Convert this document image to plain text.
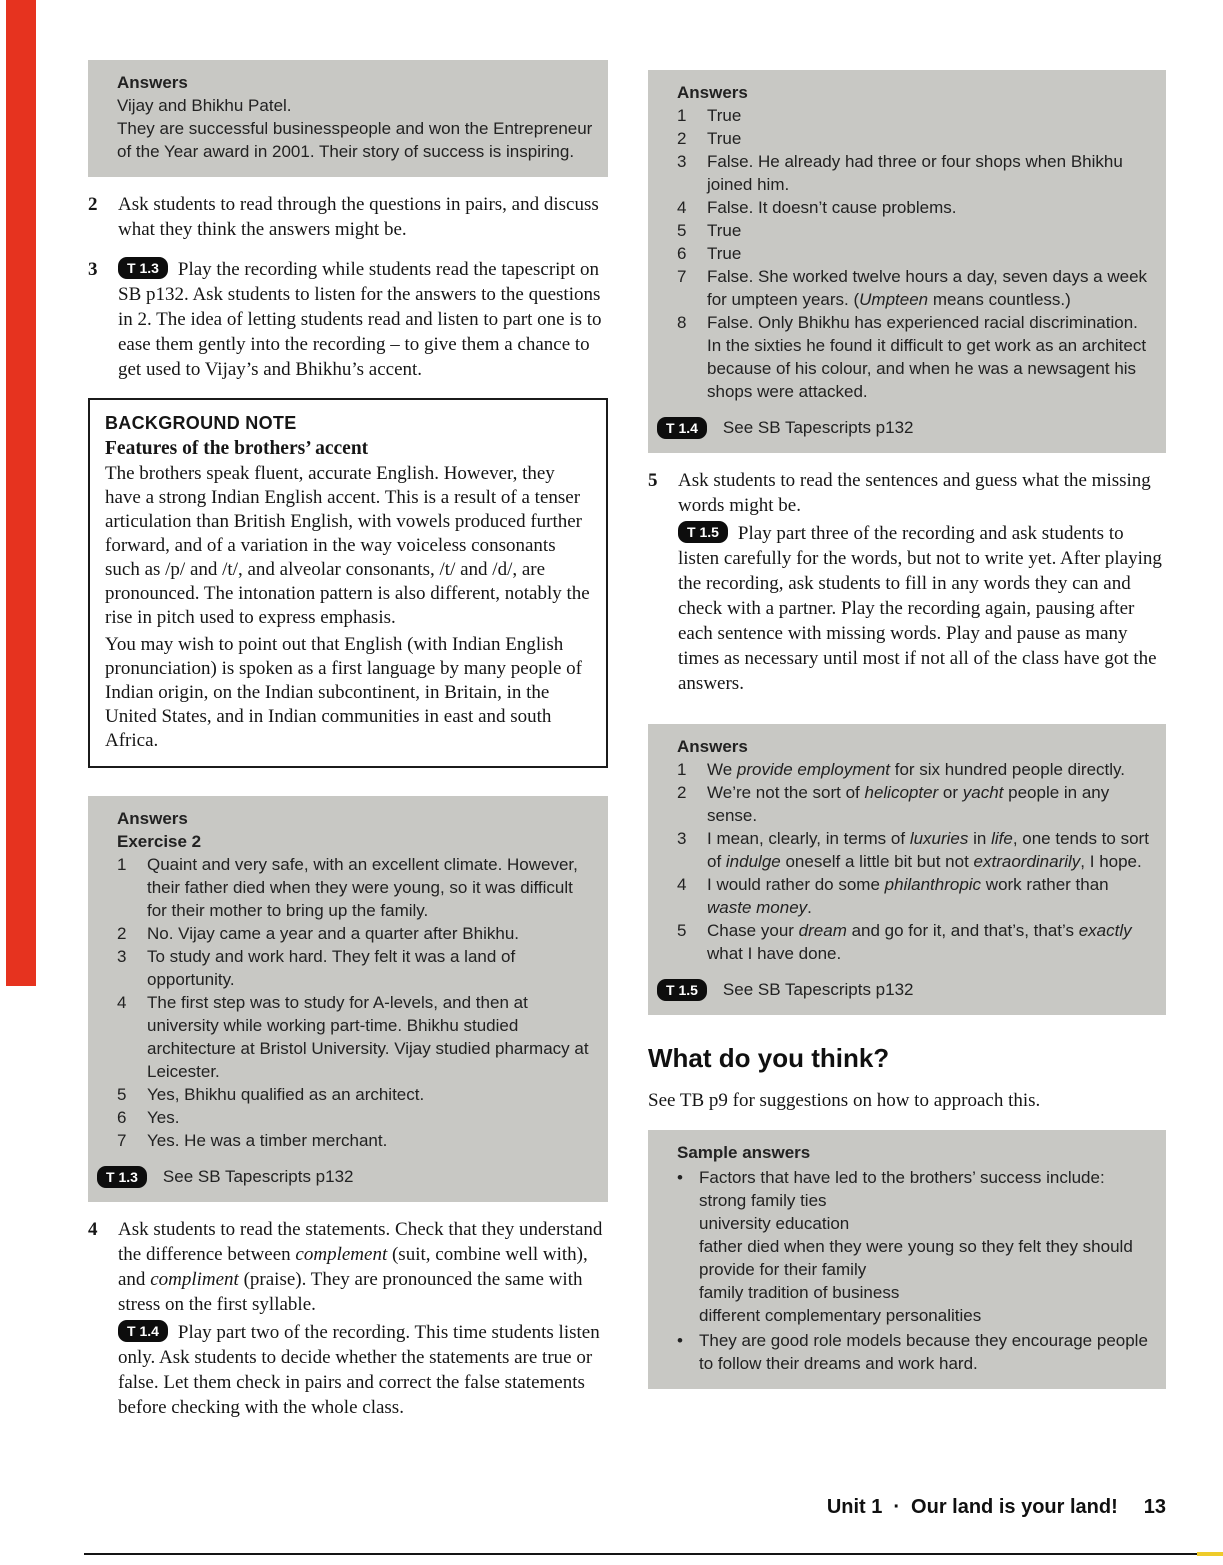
Answers
Vijay and Bhikhu Patel.
They are successful businesspeople and won the Entrepreneur of the Year award in 2001. Their story of success is inspiring.
2	Ask students to read through the questions in pairs, and discuss what they think the answers might be.
3	T 1.3 Play the recording while students read the tapescript on SB p132. Ask students to listen for the answers to the questions in 2. The idea of letting students read and listen to part one is to ease them gently into the recording – to give them a chance to get used to Vijay’s and Bhikhu’s accent.
BACKGROUND NOTE
Features of the brothers’ accent
The brothers speak fluent, accurate English. However, they have a strong Indian English accent. This is a result of a tenser articulation than British English, with vowels produced further forward, and of a variation in the way voiceless consonants such as /p/ and /t/, and alveolar consonants, /t/ and /d/, are pronounced. The intonation pattern is also different, notably the rise in pitch used to express emphasis.
You may wish to point out that English (with Indian English pronunciation) is spoken as a first language by many people of Indian origin, on the Indian subcontinent, in Britain, in the United States, and in Indian communities in east and south Africa.
Answers
Exercise 2
1	Quaint and very safe, with an excellent climate. However, their father died when they were young, so it was difficult for their mother to bring up the family.
2	No. Vijay came a year and a quarter after Bhikhu.
3	To study and work hard. They felt it was a land of opportunity.
4	The first step was to study for A-levels, and then at university while working part-time. Bhikhu studied architecture at Bristol University. Vijay studied pharmacy at Leicester.
5	Yes, Bhikhu qualified as an architect.
6	Yes.
7	Yes. He was a timber merchant.
T 1.3	See SB Tapescripts p132
4	Ask students to read the statements. Check that they understand the difference between complement (suit, combine well with), and compliment (praise). They are pronounced the same with stress on the first syllable.
T 1.4 Play part two of the recording. This time students listen only. Ask students to decide whether the statements are true or false. Let them check in pairs and correct the false statements before checking with the whole class.
Answers
1	True
2	True
3	False. He already had three or four shops when Bhikhu joined him.
4	False. It doesn’t cause problems.
5	True
6	True
7	False. She worked twelve hours a day, seven days a week for umpteen years. (Umpteen means countless.)
8	False. Only Bhikhu has experienced racial discrimination. In the sixties he found it difficult to get work as an architect because of his colour, and when he was a newsagent his shops were attacked.
T 1.4	See SB Tapescripts p132
5	Ask students to read the sentences and guess what the missing words might be.
T 1.5 Play part three of the recording and ask students to listen carefully for the words, but not to write yet. After playing the recording, ask students to fill in any words they can and check with a partner. Play the recording again, pausing after each sentence with missing words. Play and pause as many times as necessary until most if not all of the class have got the answers.
Answers
1	We provide employment for six hundred people directly.
2	We’re not the sort of helicopter or yacht people in any sense.
3	I mean, clearly, in terms of luxuries in life, one tends to sort of indulge oneself a little bit but not extraordinarily, I hope.
4	I would rather do some philanthropic work rather than waste money.
5	Chase your dream and go for it, and that’s, that’s exactly what I have done.
T 1.5	See SB Tapescripts p132
What do you think?
See TB p9 for suggestions on how to approach this.
Sample answers
• Factors that have led to the brothers’ success include:
strong family ties
university education
father died when they were young so they felt they should provide for their family
family tradition of business
different complementary personalities
• They are good role models because they encourage people to follow their dreams and work hard.
Unit 1 · Our land is your land! 13
